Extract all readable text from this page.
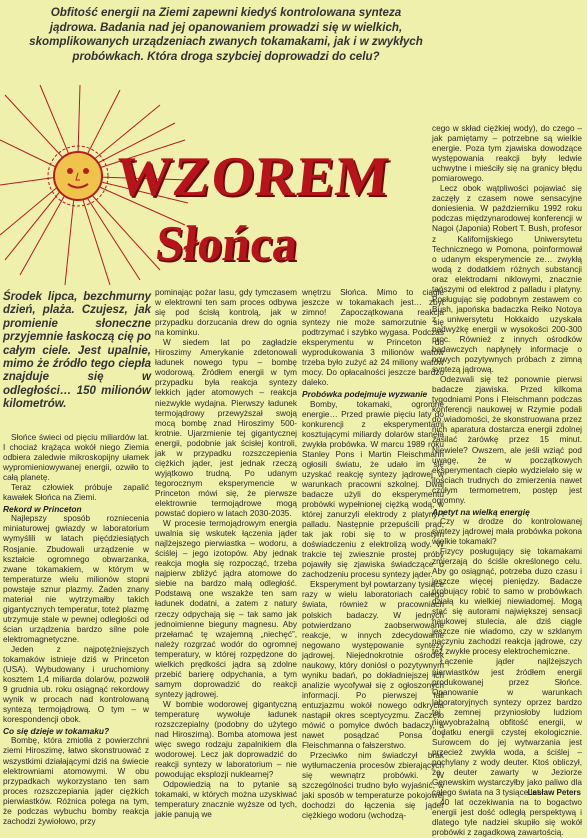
Obfitość energii na Ziemi zapewni kiedyś kontrolowana synteza jądrowa. Badania nad jej opanowaniem prowadzi się w wielkich, skomplikowanych urządzeniach zwanych tokamakami, jak i w zwykłych probówkach. Która droga szybciej doprowadzi do celu?
WZOREM
Słońca
Środek lipca, bezchmurny dzień, plaża. Czujesz, jak promienie słoneczne przyjemnie łaskoczą cię po całym ciele. Jest upalnie, mimo że źródło tego ciepła znajduje się w odległości… 150 milionów kilometrów.

Słońce świeci od pięciu miliardów lat. I chociaż krążąca wokół niego Ziemia odbiera zaledwie mikroskopijny ułamek wypromieniowywanej energii, ozwiło to całą planetę.

Teraz człowiek próbuje zapalić kawałek Słońca na Ziemi.

Rekord w Princeton

Najlepszy sposób rozniecenia miniaturowej gwiazdy w laboratorium wymyślili w latach pięćdziesiątych Rosjanie. Zbudowali urządzenie w kształcie ogromnego obwarzanka, zwane tokamakiem, w którym w temperaturze wielu milionów stopni powstaje sznur plazmy. Żaden znany materiał nie wytrzymałby takich gigantycznych temperatur, toteż plazmę utrzymuje stale w pewnej odległości od ścian urządzenia bardzo silne pole elektromagnetyczne.

Jeden z najpotężniejszych tokamaków istnieje dziś w Princeton (USA). Wybudowany i uruchomiony kosztem 1,4 miliarda dolarów, pozwolił 9 grudnia ub. roku osiągnąć rekordowy wynik w procach nad kontrolowaną syntezą termojądrową. O tym – w korespondencji obok.

Co się dzieje w tokamaku?

Bombę, która zmiotła z powierzchni ziemi Hiroszimę, łatwo skonstruować z wszystkimi działającymi dziś na świecie elektrowniami atomowymi. W obu przypadkach wykorzystano ten sam proces rozszczepiania jąder ciężkich pierwiastków. Różnica polega na tym, że podczas wybuchu bomby reakcja zachodzi żywiołowo, przy

pominając pożar lasu, gdy tymczasem w elektrowni ten sam proces odbywa się pod ścisłą kontrolą, jak w przypadku dorzucania drew do ognia na kominku.

W siedem lat po zagładzie Hiroszimy Amerykanie zdetonowali ładunek nowego typu – bombę wodorową. Źródłem energii w tym przypadku była reakcja syntezy lekkich jąder atomowych – reakcja niezwykle wydajna. Pierwszy ładunek termojądrowy przewyższał swoją mocą bombę znad Hiroszimy 500-krotnie. Ujarzmienie tej gigantycznej energii, podobnie jak ścisłej kontroli, jak w przypadku rozszczepienia ciężkich jąder, jest jednak rzeczą wyjątkowo trudną. Po udanym tegorocznym eksperymencie w Princeton mówi się, że pierwsze elektrownie termojądrowe mogą powstać dopiero w latach 2030-2035.

W procesie termojądrowym energia uwalnia się wskutek łączenia jąder najlżejszego pierwiastka – wodoru, a ściślej – jego izotopów. Aby jednak reakcja mogła się rozpocząć, trzeba najpierw zbliżyć jądra atomowe do siebie na bardzo małą odległość. Podstawą one wszakże ten sam ładunek dodatni, a zatem z natury rzeczy odpychają się – tak samo jak jednoimienne bieguny magnesu. Aby przełamać tę wzajemną „niechęć”, należy rozgrzać wodór do ogromnej temperatury, w której rozpędzone do wielkich prędkości jądra są zdolne przebić barierę odpychania, a tym samym doprowadzić do reakcji syntezy jądrowej.

W bombie wodorowej gigantyczną temperaturę wywołuje ładunek rozszczepialny (podobny do użytego nad Hiroszimą). Bomba atomowa jest więc swego rodzaju zapalnikiem dla wodorowej. Lecz jak doprowadzić do reakcji syntezy w laboratorium – nie powodując eksplozji nuklearnej?

Odpowiedzią na to pytanie są tokamaki, w których można uzyskiwać temperatury znacznie wyższe od tych, jakie panują we

wnętrzu Słońca. Mimo to ciągle jeszcze w tokamakach jest… zbyt zimno! Zapoczątkowana reakcja syntezy nie może samorzutnie się podtrzymać i szybko wygasa. Podczas eksperymentu w Princeton do wyprodukowania 3 milionów watów trzeba było zużyć aż 24 miliony watów mocy. Do opłacalności jeszcze bardzo daleko.

Probówka podejmuje wyzwanie

Bomby, tokamaki, ogromne energie… Przed prawie pięciu laty do konkurencji z eksperymentami kosztującymi miliardy dolarów stanęła zwykła probówka. W marcu 1989 roku Stanley Pons i Martin Fleischmann ogłosili światu, że udało im się uzyskać reakcję syntezy jądrowej w warunkach pracowni szkolnej. Dwaj badacze użyli do eksperymentu probówki wypełnionej ciężką wodą, w której zanurzyli elektrody z platyny i palladu. Następnie przepuścili prąd, tak jak robi się to w prostym doświadczeniu z elektrolizą wody. W trakcie tej zwiesznie prostej próby pojawiły się zjawiska świadczące o zachodzeniu procesu syntezy jąder.

Eksperyment był powtarzany tysiące razy w wielu laboratoriach całego świata, również w pracowniach polskich badaczy. W jednych potwierdzano zaobserwowane reakcje, w innych zdecydowanie negowano występowanie syntezy jądrowej. Niejednokrotnie ośrodek naukowy, który doniósł o pozytywnym wyniku badań, po dokładniejszej ich analizie wycofywał się z ogłoszonych informacji. Po pierwszej fali entuzjazmu wokół nowego odkrycia nastąpił okres sceptycyzmu. Zaczęto mówić o pomyłce dwóch badaczy, a nawet posądzać Ponsa i Fleischmanna o fałszerstwo.

Przeciwko nim świadczył brak wytłumaczenia procesów zbierających się wewnątrz probówki. W szczególności trudno było wyjaśnić, w jaki sposób w temperaturze pokojowej dochodzi do łączenia się jąder ciężkiego wodoru (wchodzą-

cego w skład ciężkiej wody), do czego – jak pamiętamy – potrzebne są wielkie energie. Poza tym zjawiska dowodzące występowania reakcji były ledwie uchwytne i mieściły się na granicy błędu pomiarowego.

Lecz obok wątpliwości pojawiać się zaczęły z czasem nowe sensacyjne doniesienia. W październiku 1992 roku podczas międzynarodowej konferencji w Nagoi (Japonia) Robert T. Bush, profesor z Kalifornijskiego Uniwersytetu Technicznego w Pomona, poinformował o udanym eksperymencie ze… zwykłą wodą z dodatkiem różnych substancji oraz elektrodami niklowymi, znacznie tańszymi od elektrod z palladu i platyny. Posługując się podobnym zestawem co Bush, japońska badaczka Reiko Notoya z uniwersytetu Hokkaido uzyskała nadwyżkę energii w wysokości 200-300 proc. Również z innych ośrodków badawczych napłynęły informacje o nowych pozytywnych próbach z zimną syntezą jądrową.

Odezwali się też ponownie pierwsi badacze zjawiska. Przed kilkoma tygodniami Pons i Fleischmann podczas konferencji naukowej w Rzymie podali do wiadomości, że skonstruowana przez nich aparatura dostarcza energii zdolnej zasilać żarówkę przez 15 minut. Niewiele? Owszem, ale jeśli wziąć pod uwagę, że w początkowych eksperymentach ciepło wydzielało się w ilościach trudnych do zmierzenia nawet czułym termometrem, postęp jest ogromny.

Apetyt na wielką energię

Czy w drodze do kontrolowanej syntezy jądrowej mała probówka pokona wielkie tokamaki?

Fizycy posługujący się tokamakami zmierzają do ściśle określonego celu. Aby go osiągnąć, potrzeba duzo czasu i jeszcze więcej pieniędzy. Badacze probujący robić to samo w probówkach działą ku wielkiej niewiadomej. Mogą stać się autorami największej sensacji naukowej stulecia, ale dziś ciągle jeszcze nie wiadomo, czy w szklanym naczyniu zachodzi reakcja jądrowe, czy też zwykłe procesy elektrochemiczne.

Łączenie jąder najlżejszych pierwiastków jest źródłem energii produkowanej przez Słońce. Opanowanie w warunkach laboratoryjnych syntezy oprzez bardzo tej zemnej przyniosłoby ludziom niewyobrażalną obfitość energii, w dodatku energii czystej ekologicznie. Surowcem do jej wytwarzania jest przecież zwykła woda, a ściślej – pochylany z wody deuter. Ktoś obliczył, że deuter zawarty w Jeziorze Genewskim wystarczyłby jako paliwo dla całego świata na 3 tysiące lat.

40 lat oczekiwania na to bogactwo energii jest dość odległą perspektywą i dlatego tyle nadziei skupiło się wokół probówki z zagadkową zawartością.

Lesław Peters
